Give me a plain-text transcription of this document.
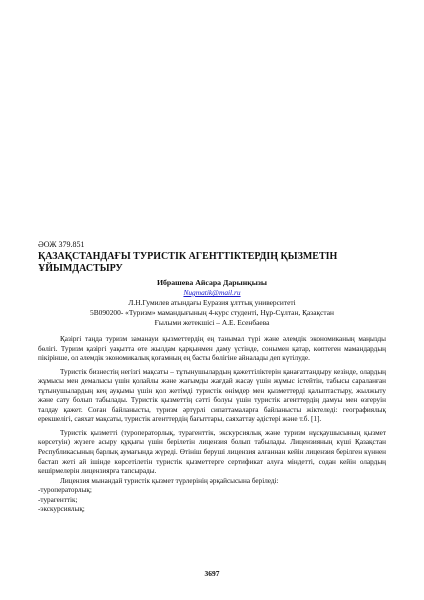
ӘОЖ 379.851
ҚАЗАҚСТАНДАҒЫ ТУРИСТІК АГЕНТТІКТЕРДІҢ ҚЫЗМЕТІН ҰЙЫМДАСТЫРУ
Ибрашева Айсара Дарынқызы
Nugmatik@mail.ru
Л.Н.Гумилев атындағы Еуразия ұлттық университеті
5В090200- «Туризм» мамандығының 4-курс студенті, Нұр-Сұлтан, Қазақстан
Ғылыми жетекшісі – А.Е. Есенбаева

Қазіргі таңда туризм заманауи қызметтердің ең танымал түрі және әлемдік экономиканың маңызды бөлігі. Туризм қазіргі уақытта өте жылдам қарқынмен даму үстінде, сонымен қатар, көптеген мамандардың пікірінше, ол әлемдік экономикалық қоғамның ең басты бөлігіне айналады деп күтілуде.

Туристік бизнестің негізгі мақсаты – тұтынушылардың қажеттіліктерін қанағаттандыру кезінде, олардың жұмысы мен демалысы үшін қолайлы және жағымды жағдай жасау үшін жұмыс істейтін, табысы сараланған тұтынушылардың кең ауқымы үшін қол жетімді туристік өнімдер мен қызметтерді қалыптастыру, жылжыту және сату болып табылады. Туристік қызметтің сәтті болуы үшін туристік агенттердің дамуы мен өзгеруін талдау қажет. Соған байланысты, туризм әртүрлі сипаттамаларға байланысты жіктеледі: географиялық ерекшелігі, саяхат мақсаты, туристік агенттердің бағыттары, саяхаттау әдістері және т.б. [1].

Туристік қызметті (туроператорлық, турагенттік, экскурсиялық және туризм нұсқаушысының қызмет көрсетуін) жүзеге асыру құқығы үшін берілетін лицензия болып табылады. Лицензияның күші Қазақстан Республикасының барлық аумағында жүреді. Өтініш беруші лицензия алғаннан кейін лицензия берілген күннен бастап жеті ай ішінде көрсетілетін туристік қызметтерге сертификат алуға міндетті, содан кейін олардың кешірмелерін лицензиярға тапсырады.

Лицензия мынандай туристік қызмет түрлерінің әрқайсысына беріледі:

-туроператорлық;

-турагенттік;

-экскурсиялық;

3697
